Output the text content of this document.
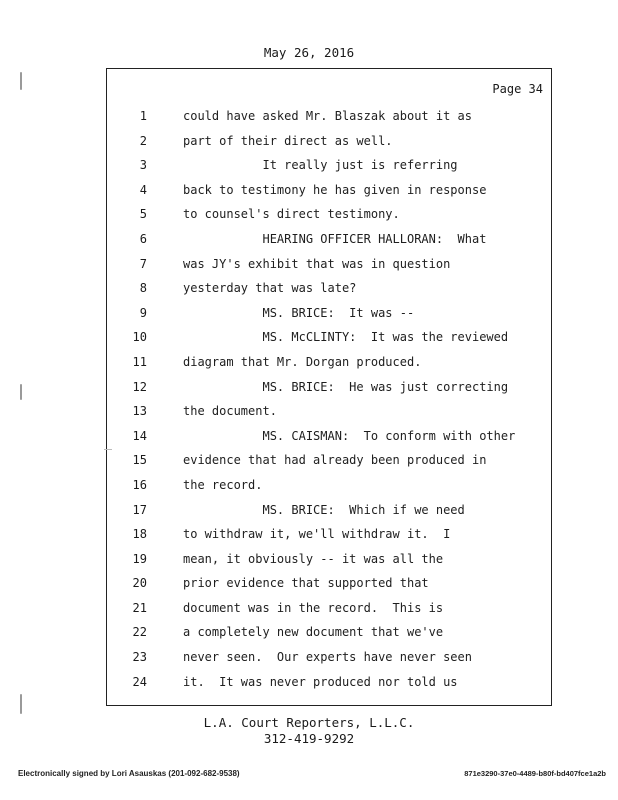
May 26, 2016
Page 34
1	could have asked Mr. Blaszak about it as
2	part of their direct as well.
3	It really just is referring
4	back to testimony he has given in response
5	to counsel's direct testimony.
6	HEARING OFFICER HALLORAN:  What
7	was JY's exhibit that was in question
8	yesterday that was late?
9	MS. BRICE:  It was --
10	MS. McCLINTY:  It was the reviewed
11	diagram that Mr. Dorgan produced.
12	MS. BRICE:  He was just correcting
13	the document.
14	MS. CAISMAN:  To conform with other
15	evidence that had already been produced in
16	the record.
17	MS. BRICE:  Which if we need
18	to withdraw it, we'll withdraw it.  I
19	mean, it obviously -- it was all the
20	prior evidence that supported that
21	document was in the record.  This is
22	a completely new document that we've
23	never seen.  Our experts have never seen
24	it.  It was never produced nor told us
L.A. Court Reporters, L.L.C.
312-419-9292
Electronically signed by Lori Asauskas (201-092-682-9538)	871e3290-37e0-4489-b80f-bd407fce1a2b
